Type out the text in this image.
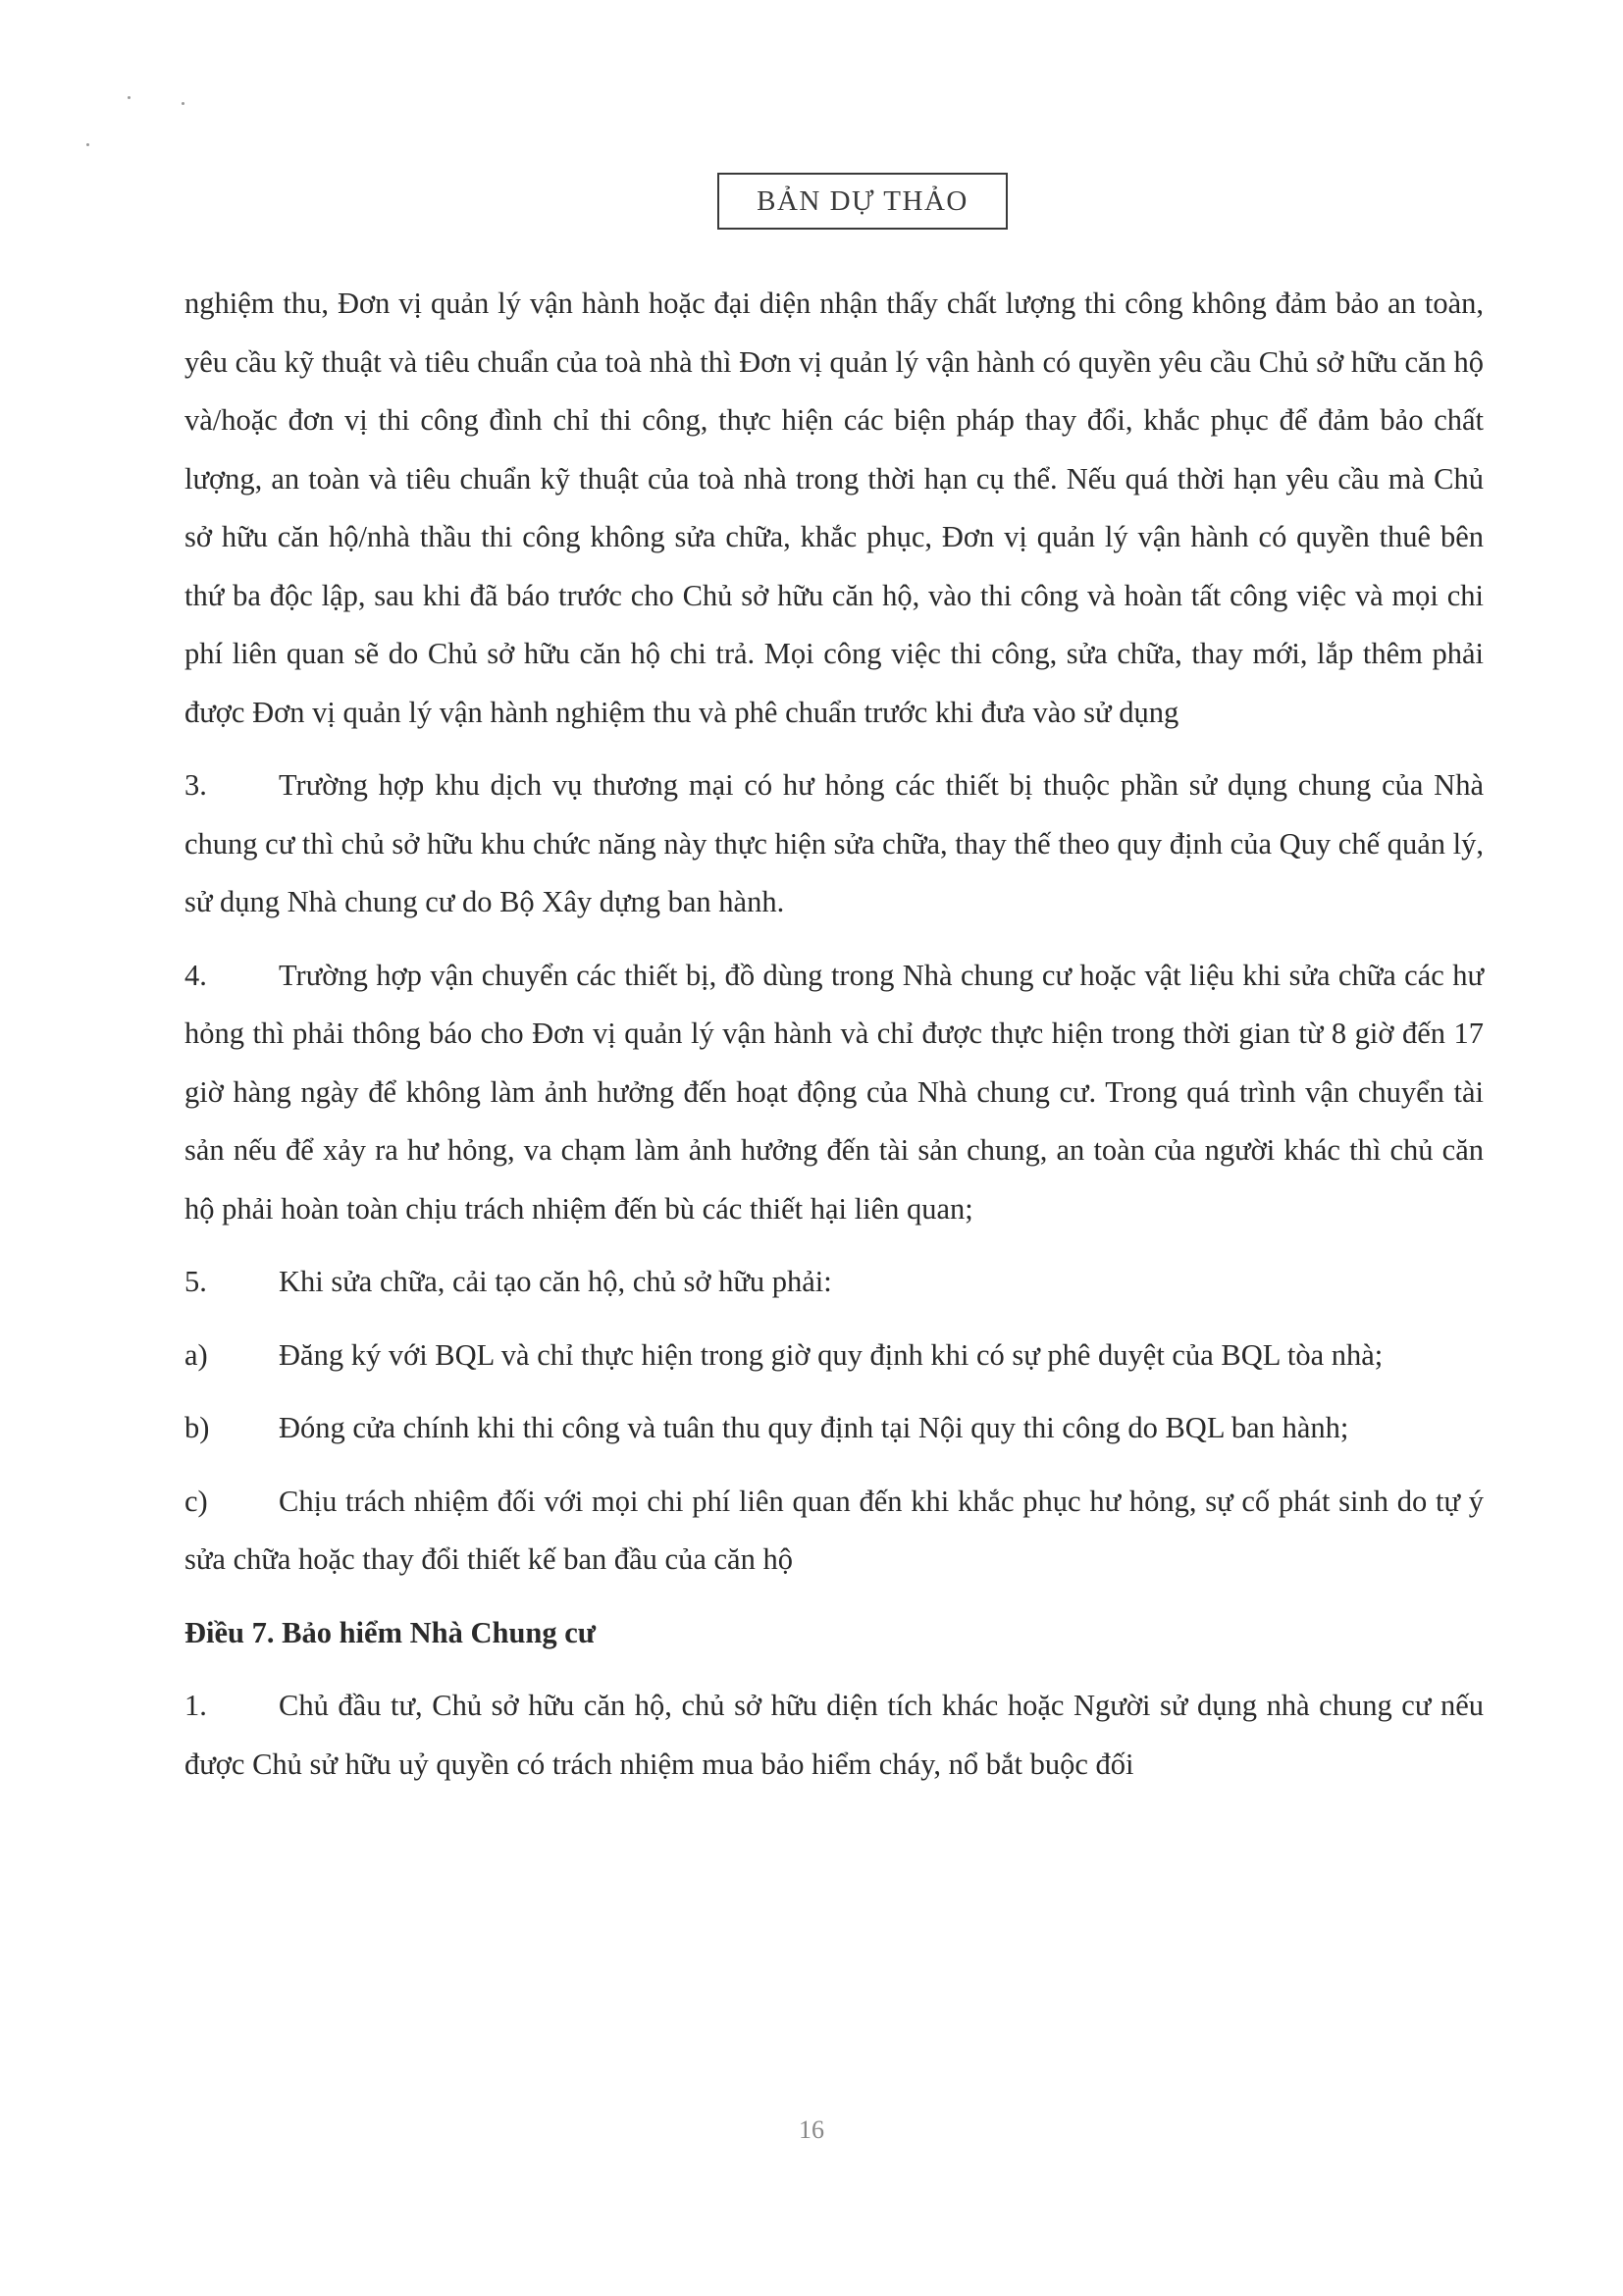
BẢN DỰ THẢO

nghiệm thu, Đơn vị quản lý vận hành hoặc đại diện nhận thấy chất lượng thi công không đảm bảo an toàn, yêu cầu kỹ thuật và tiêu chuẩn của toà nhà thì Đơn vị quản lý vận hành có quyền yêu cầu Chủ sở hữu căn hộ và/hoặc đơn vị thi công đình chỉ thi công, thực hiện các biện pháp thay đổi, khắc phục để đảm bảo chất lượng, an toàn và tiêu chuẩn kỹ thuật của toà nhà trong thời hạn cụ thể. Nếu quá thời hạn yêu cầu mà Chủ sở hữu căn hộ/nhà thầu thi công không sửa chữa, khắc phục, Đơn vị quản lý vận hành có quyền thuê bên thứ ba độc lập, sau khi đã báo trước cho Chủ sở hữu căn hộ, vào thi công và hoàn tất công việc và mọi chi phí liên quan sẽ do Chủ sở hữu căn hộ chi trả. Mọi công việc thi công, sửa chữa, thay mới, lắp thêm phải được Đơn vị quản lý vận hành nghiệm thu và phê chuẩn trước khi đưa vào sử dụng

3. Trường hợp khu dịch vụ thương mại có hư hỏng các thiết bị thuộc phần sử dụng chung của Nhà chung cư thì chủ sở hữu khu chức năng này thực hiện sửa chữa, thay thế theo quy định của Quy chế quản lý, sử dụng Nhà chung cư do Bộ Xây dựng ban hành.

4. Trường hợp vận chuyển các thiết bị, đồ dùng trong Nhà chung cư hoặc vật liệu khi sửa chữa các hư hỏng thì phải thông báo cho Đơn vị quản lý vận hành và chỉ được thực hiện trong thời gian từ 8 giờ đến 17 giờ hàng ngày để không làm ảnh hưởng đến hoạt động của Nhà chung cư. Trong quá trình vận chuyển tài sản nếu để xảy ra hư hỏng, va chạm làm ảnh hưởng đến tài sản chung, an toàn của người khác thì chủ căn hộ phải hoàn toàn chịu trách nhiệm đến bù các thiết hại liên quan;

5. Khi sửa chữa, cải tạo căn hộ, chủ sở hữu phải:

a) Đăng ký với BQL và chỉ thực hiện trong giờ quy định khi có sự phê duyệt của BQL tòa nhà;

b) Đóng cửa chính khi thi công và tuân thu quy định tại Nội quy thi công do BQL ban hành;

c) Chịu trách nhiệm đối với mọi chi phí liên quan đến khi khắc phục hư hỏng, sự cố phát sinh do tự ý sửa chữa hoặc thay đổi thiết kế ban đầu của căn hộ

Điều 7. Bảo hiểm Nhà Chung cư

1. Chủ đầu tư, Chủ sở hữu căn hộ, chủ sở hữu diện tích khác hoặc Người sử dụng nhà chung cư nếu được Chủ sử hữu uỷ quyền có trách nhiệm mua bảo hiểm cháy, nổ bắt buộc đối

16
